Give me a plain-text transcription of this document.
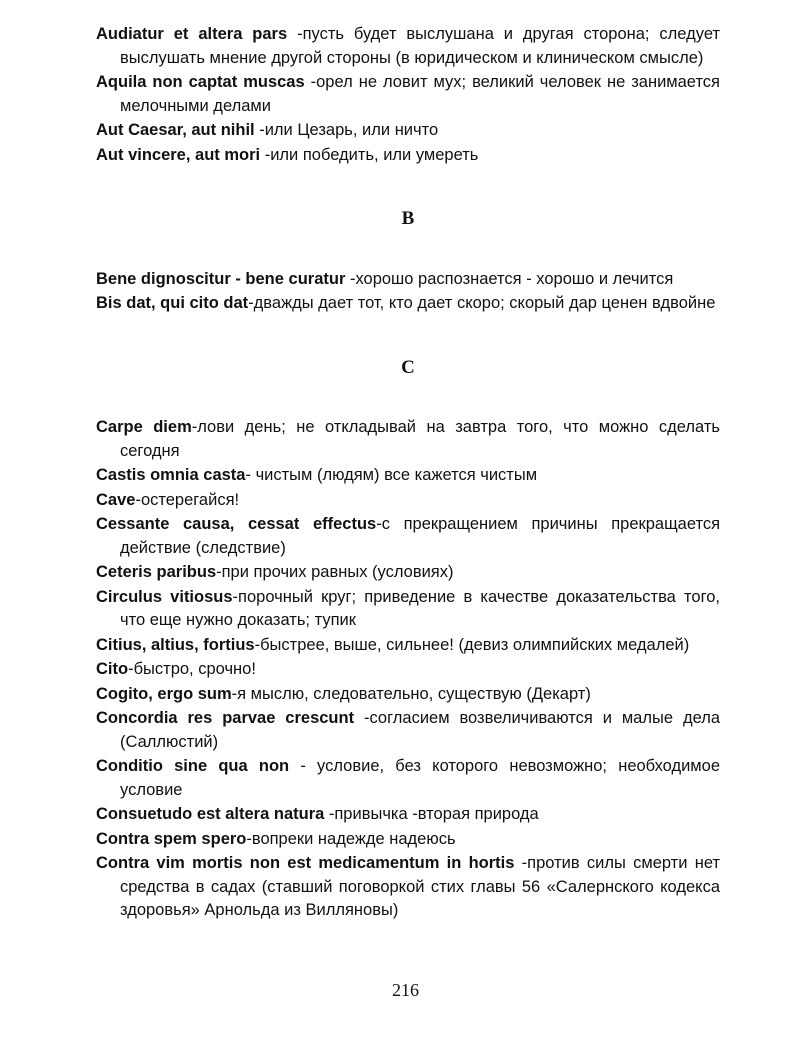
Audiatur et altera pars -пусть будет выслушана и другая сторона; следует выслушать мнение другой стороны (в юридическом и клиническом смысле)

Aquila non captat muscas -орел не ловит мух; великий человек не занимается мелочными делами

Aut Caesar, aut nihil -или Цезарь, или ничто

Aut vincere, aut mori -или победить, или умереть

B

Bene dignoscitur - bene curatur -хорошо распознается - хорошо и лечится

Bis dat, qui cito dat-дважды дает тот, кто дает скоро; скорый дар ценен вдвойне

C

Carpe diem-лови день; не откладывай на завтра того, что можно сделать сегодня

Castis omnia casta- чистым (людям) все кажется чистым

Cave-остерегайся!

Cessante causa, cessat effectus-с прекращением причины прекращается действие (следствие)

Ceteris paribus-при прочих равных (условиях)

Circulus vitiosus-порочный круг; приведение в качестве доказательства того, что еще нужно доказать; тупик

Citius, altius, fortius-быстрее, выше, сильнее! (девиз олимпийских медалей)

Cito-быстро, срочно!

Cogito, ergo sum-я мыслю, следовательно, существую (Декарт)

Concordia res parvae crescunt -согласием возвеличиваются и малые дела (Саллюстий)

Conditio sine qua non - условие, без которого невозможно; необходимое условие

Consuetudo est altera natura -привычка -вторая природа

Contra spem spero-вопреки надежде надеюсь

Contra vim mortis non est medicamentum in hortis -против силы смерти нет средства в садах (ставший поговоркой стих главы 56 «Салернского кодекса здоровья» Арнольда из Вилляновы)

216
